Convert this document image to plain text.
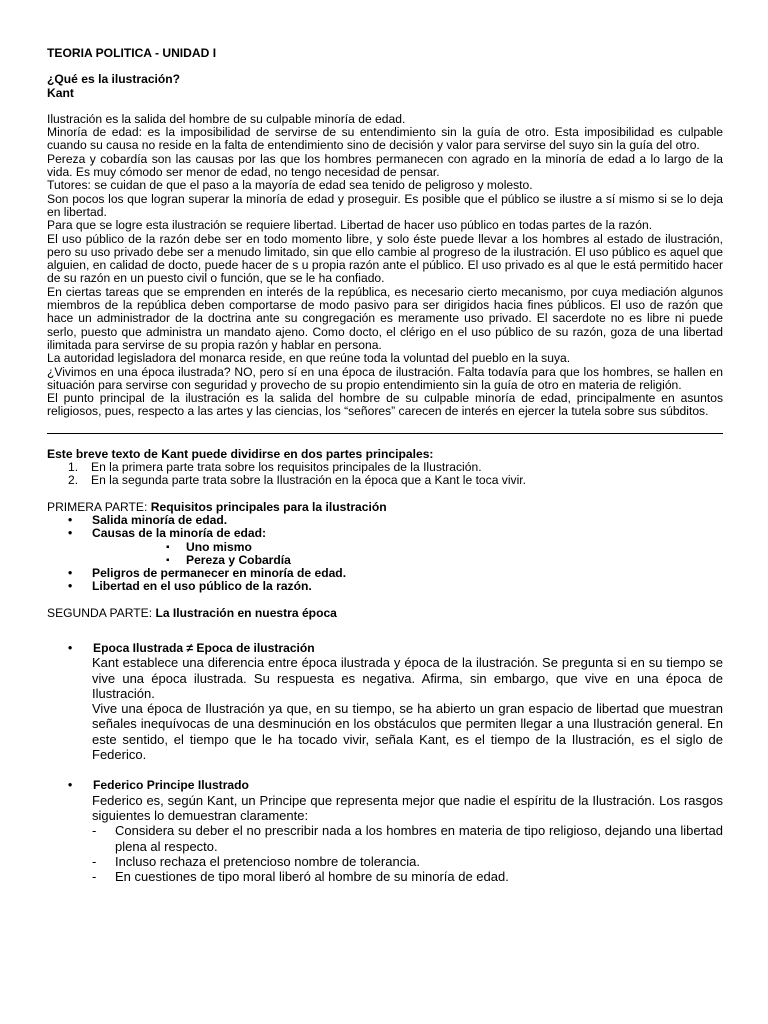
TEORIA POLITICA - UNIDAD I
¿Qué es la ilustración?
Kant
Ilustración es la salida del hombre de su culpable minoría de edad.
Minoría de edad: es la imposibilidad de servirse de su entendimiento sin la guía de otro. Esta imposibilidad es culpable cuando su causa no reside en la falta de entendimiento sino de decisión y valor para servirse del suyo sin la guía del otro.
Pereza y cobardía son las causas por las que los hombres permanecen con agrado en la minoría de edad a lo largo de la vida. Es muy cómodo ser menor de edad, no tengo necesidad de pensar.
Tutores: se cuidan de que el paso a la mayoría de edad sea tenido de peligroso y molesto.
Son pocos los que logran superar la minoría de edad y proseguir. Es posible que el público se ilustre a sí mismo si se lo deja en libertad.
Para que se logre esta ilustración se requiere libertad. Libertad de hacer uso público en todas partes de la razón.
El uso público de la razón debe ser en todo momento libre, y solo éste puede llevar a los hombres al estado de ilustración, pero su uso privado debe ser a menudo limitado, sin que ello cambie al progreso de la ilustración. El uso público es aquel que alguien, en calidad de docto, puede hacer de s u propia razón ante el público. El uso privado es al que le está permitido hacer de su razón en un puesto civil o función, que se le ha confiado.
En ciertas tareas que se emprenden en interés de la república, es necesario cierto mecanismo, por cuya mediación algunos miembros de la república deben comportarse de modo pasivo para ser dirigidos hacia fines públicos. El uso de razón que hace un administrador de la doctrina ante su congregación es meramente uso privado. El sacerdote no es libre ni puede serlo, puesto que administra un mandato ajeno. Como docto, el clérigo en el uso público de su razón, goza de una libertad ilimitada para servirse de su propia razón y hablar en persona.
La autoridad legisladora del monarca reside, en que reúne toda la voluntad del pueblo en la suya.
¿Vivimos en una época ilustrada? NO, pero sí en una época de ilustración. Falta todavía para que los hombres, se hallen en situación para servirse con seguridad y provecho de su propio entendimiento sin la guía de otro en materia de religión.
El punto principal de la ilustración es la salida del hombre de su culpable minoría de edad, principalmente en asuntos religiosos, pues, respecto a las artes y las ciencias, los “señores” carecen de interés en ejercer la tutela sobre sus súbditos.
Este breve texto de Kant puede dividirse en dos partes principales:
1.	En la primera parte trata sobre los requisitos principales de la Ilustración.
2.	En la segunda parte trata sobre la Ilustración en la época que a Kant le toca vivir.
PRIMERA PARTE: Requisitos principales para la ilustración
•	Salida minoría de edad.
•	Causas de la minoría de edad:
▪	Uno mismo
▪	Pereza y Cobardía
•	Peligros de permanecer en minoría de edad.
•	Libertad en el uso público de la razón.
SEGUNDA PARTE: La Ilustración en nuestra época
•	Epoca Ilustrada ≠ Epoca de ilustración
Kant establece una diferencia entre época ilustrada y época de la ilustración. Se pregunta si en su tiempo se vive una época ilustrada. Su respuesta es negativa. Afirma, sin embargo, que vive en una época de Ilustración.
Vive una época de Ilustración ya que, en su tiempo, se ha abierto un gran espacio de libertad que muestran señales inequívocas de una desminución en los obstáculos que permiten llegar a una Ilustración general. En este sentido, el tiempo que le ha tocado vivir, señala Kant, es el tiempo de la Ilustración, es el siglo de Federico.
•	Federico Principe Ilustrado
Federico es, según Kant, un Principe que representa mejor que nadie el espíritu de la Ilustración. Los rasgos siguientes lo demuestran claramente:
-	Considera su deber el no prescribir nada a los hombres en materia de tipo religioso, dejando una libertad plena al respecto.
-	Incluso rechaza el pretencioso nombre de tolerancia.
-	En cuestiones de tipo moral liberó al hombre de su minoría de edad.
